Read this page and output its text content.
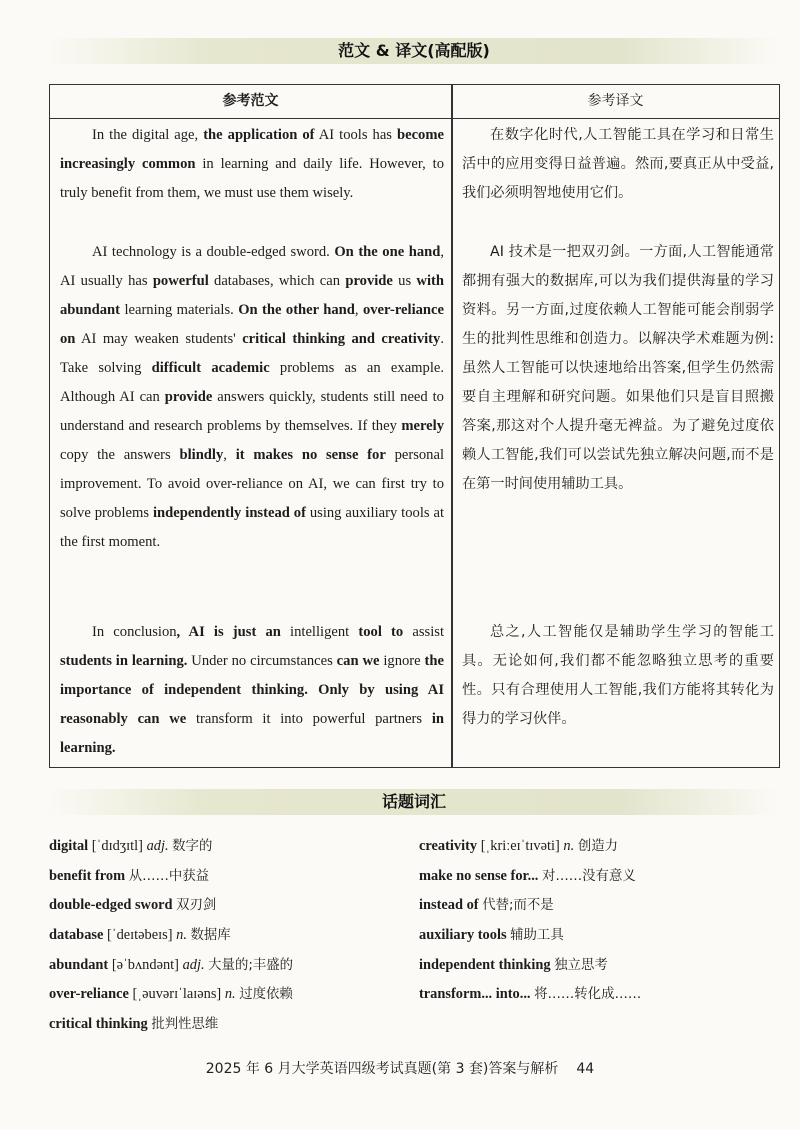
范文 & 译文(高配版)
参考范文	参考译文

In the digital age, the application of AI tools has become increasingly common in learning and daily life. However, to truly benefit from them, we must use them wisely.

AI technology is a double-edged sword. On the one hand, AI usually has powerful databases, which can provide us with abundant learning materials. On the other hand, over-reliance on AI may weaken students' critical thinking and creativity. Take solving difficult academic problems as an example. Although AI can provide answers quickly, students still need to understand and research problems by themselves. If they merely copy the answers blindly, it makes no sense for personal improvement. To avoid over-reliance on AI, we can first try to solve problems independently instead of using auxiliary tools at the first moment.

In conclusion, AI is just an intelligent tool to assist students in learning. Under no circumstances can we ignore the importance of independent thinking. Only by using AI reasonably can we transform it into powerful partners in learning.

在数字化时代,人工智能工具在学习和日常生活中的应用变得日益普遍。然而,要真正从中受益,我们必须明智地使用它们。

AI 技术是一把双刃剑。一方面,人工智能通常都拥有强大的数据库,可以为我们提供海量的学习资料。另一方面,过度依赖人工智能可能会削弱学生的批判性思维和创造力。以解决学术难题为例:虽然人工智能可以快速地给出答案,但学生仍然需要自主理解和研究问题。如果他们只是盲目照搬答案,那这对个人提升毫无裨益。为了避免过度依赖人工智能,我们可以尝试先独立解决问题,而不是在第一时间使用辅助工具。

总之,人工智能仅是辅助学生学习的智能工具。无论如何,我们都不能忽略独立思考的重要性。只有合理使用人工智能,我们方能将其转化为得力的学习伙伴。

话题词汇
digital [ˈdɪdʒɪtl] adj. 数字的
benefit from 从……中获益
double-edged sword 双刃剑
database [ˈdeɪtəbeɪs] n. 数据库
abundant [əˈbʌndənt] adj. 大量的;丰盛的
over-reliance [ˌəuvərɪˈlaɪəns] n. 过度依赖
critical thinking 批判性思维
creativity [ˌkriːeɪˈtɪvəti] n. 创造力
make no sense for... 对……没有意义
instead of 代替;而不是
auxiliary tools 辅助工具
independent thinking 独立思考
transform... into... 将……转化成……
2025 年 6 月大学英语四级考试真题(第 3 套)答案与解析 44
